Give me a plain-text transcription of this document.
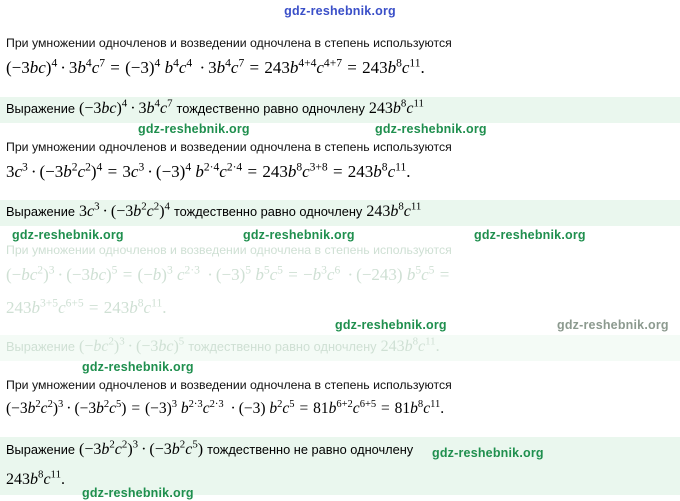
gdz-reshebnik.org
При умножении одночленов и возведении одночлена в степень используются
$(-3bc)^4 \cdot 3b^4c^7 = (-3)^4$ $b^4c^4 \cdot 3b^4c^7 = 243b^{4+4}c^{4+7} = 243b^8c^{11}$.
Выражение $(-3bc)^4 \cdot 3b^4c^7$ тождественно равно одночлену $243b^8c^{11}$
При умножении одночленов и возведении одночлена в степень используются
$3c^3 \cdot (-3b^2c^2)^4 = 3c^3 \cdot (-3)^4$ $b^{2\cdot 4}c^{2\cdot 4} = 243b^8c^{3+8} = 243b^8c^{11}$.
Выражение $3c^3 \cdot (-3b^2c^2)^4$ тождественно равно одночлену $243b^8c^{11}$
При умножении одночленов и возведении одночлена в степень используются
$(-bc^2)^3 \cdot (-3bc)^5 = (-b)^3$ $c^{2\cdot 3} \cdot (-3)^5$ $b^5c^5 = -b^3c^6 \cdot (-243) b^5c^5$ =
$243b^{3+5}c^{6+5} = 243b^8c^{11}$.
Выражение $(-bc^2)^3 \cdot (-3bc)^5$ тождественно равно одночлену $243b^8c^{11}$.
При умножении одночленов и возведении одночлена в степень используются
$(-3b^2c^2)^3 \cdot (-3b^2c^5) = (-3)^3$ $b^{2\cdot 3}c^{2\cdot 3} \cdot (-3) b^2c^5 = 81b^{6+2}c^{6+5} = 81b^8c^{11}$.
Выражение $(-3b^2c^2)^3 \cdot (-3b^2c^5)$ тождественно не равно одночлену
$243b^8c^{11}$.
gdz-reshebnik.org	gdz-reshebnik.org
gdz-reshebnik.org	gdz-reshebnik.org	gdz-reshebnik.org
gdz-reshebnik.org	gdz-reshebnik.org
gdz-reshebnik.org
gdz-reshebnik.org
gdz-reshebnik.org
